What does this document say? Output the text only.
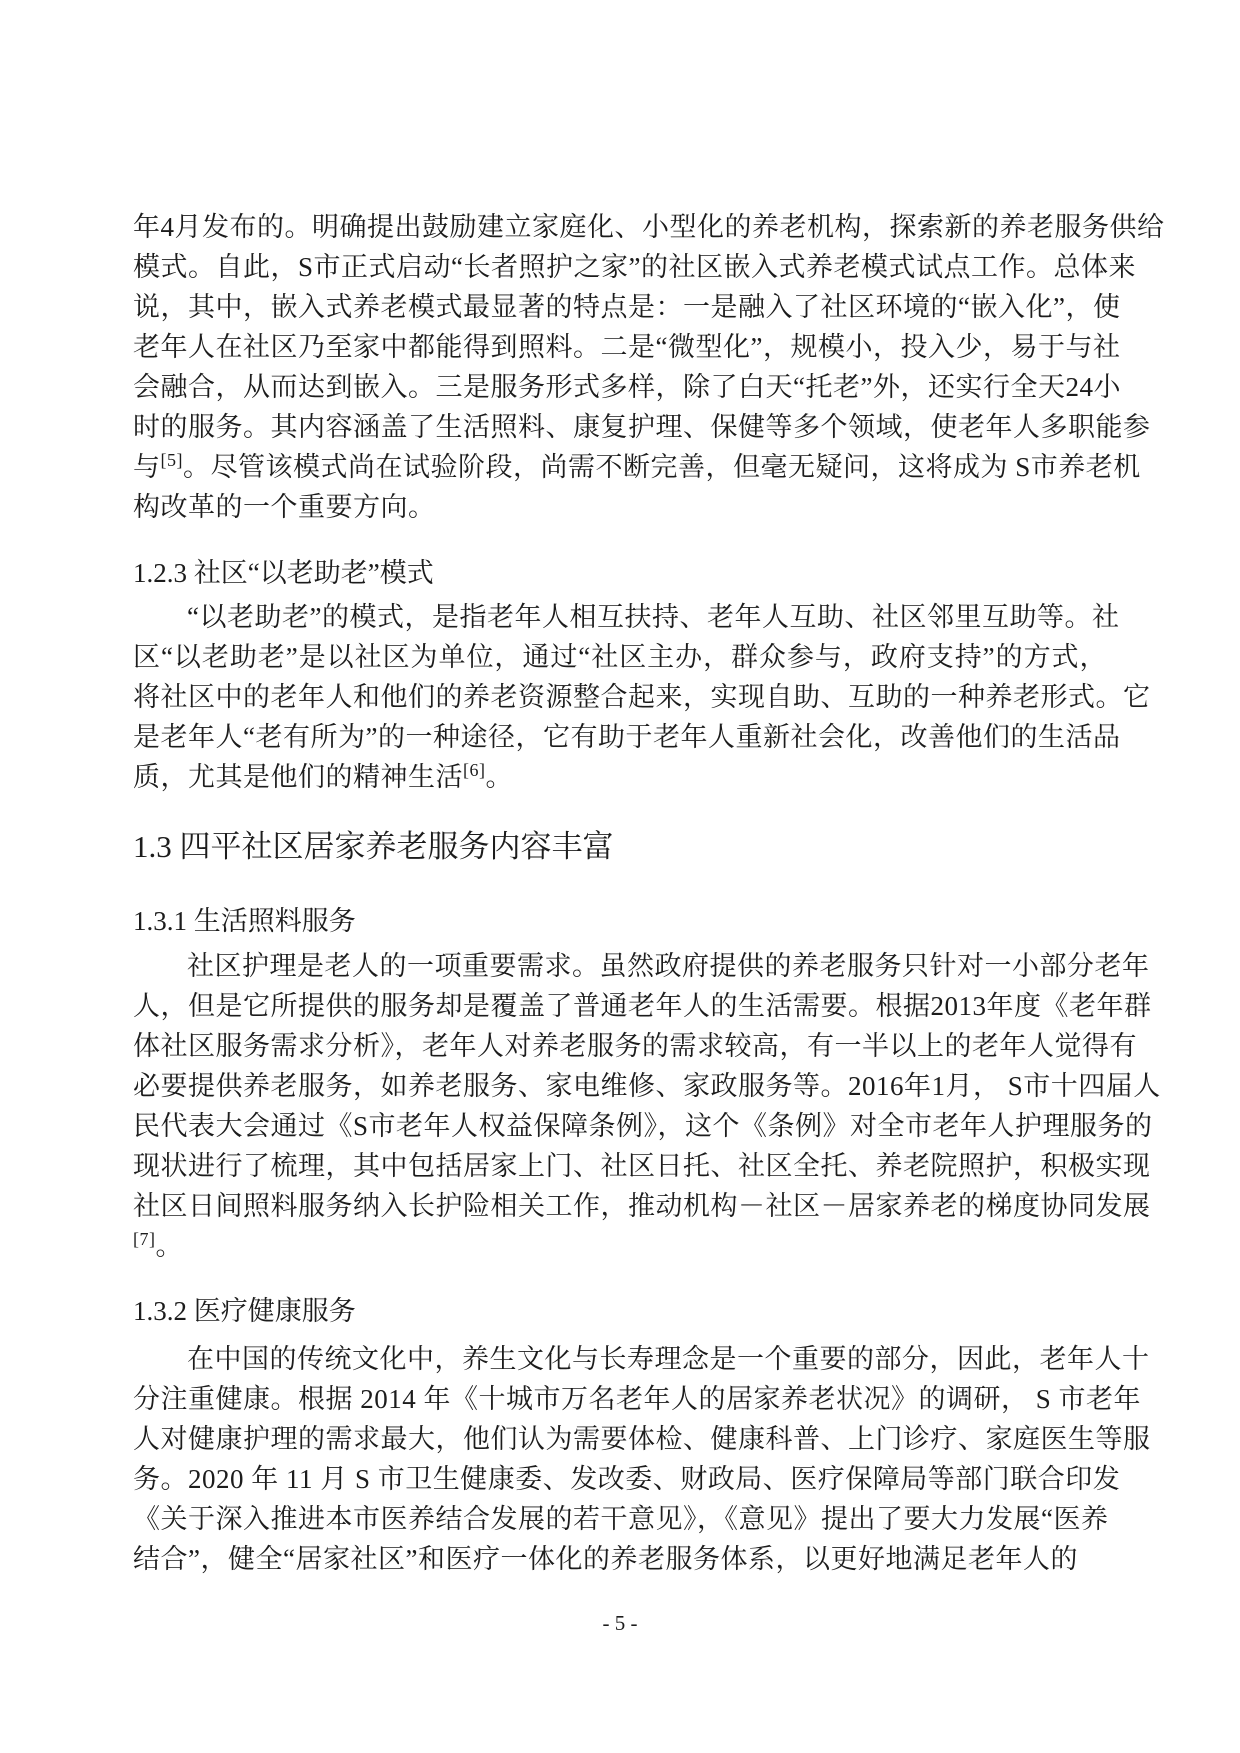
年4月发布的。明确提出鼓励建立家庭化、小型化的养老机构，探索新的养老服务供给
模式。自此，S市正式启动“长者照护之家”的社区嵌入式养老模式试点工作。总体来
说，其中，嵌入式养老模式最显著的特点是：一是融入了社区环境的“嵌入化”，使
老年人在社区乃至家中都能得到照料。二是“微型化”，规模小，投入少，易于与社
会融合，从而达到嵌入。三是服务形式多样，除了白天“托老”外，还实行全天24小
时的服务。其内容涵盖了生活照料、康复护理、保健等多个领域，使老年人多职能参
与[5]。尽管该模式尚在试验阶段，尚需不断完善，但毫无疑问，这将成为 S市养老机
构改革的一个重要方向。
1.2.3 社区“以老助老”模式
“以老助老”的模式，是指老年人相互扶持、老年人互助、社区邻里互助等。社
区“以老助老”是以社区为单位，通过“社区主办，群众参与，政府支持”的方式，
将社区中的老年人和他们的养老资源整合起来，实现自助、互助的一种养老形式。它
是老年人“老有所为”的一种途径，它有助于老年人重新社会化，改善他们的生活品
质，尤其是他们的精神生活[6]。
1.3 四平社区居家养老服务内容丰富
1.3.1 生活照料服务
社区护理是老人的一项重要需求。虽然政府提供的养老服务只针对一小部分老年
人，但是它所提供的服务却是覆盖了普通老年人的生活需要。根据2013年度《老年群
体社区服务需求分析》，老年人对养老服务的需求较高，有一半以上的老年人觉得有
必要提供养老服务，如养老服务、家电维修、家政服务等。2016年1月， S市十四届人
民代表大会通过《S市老年人权益保障条例》，这个《条例》对全市老年人护理服务的
现状进行了梳理，其中包括居家上门、社区日托、社区全托、养老院照护，积极实现
社区日间照料服务纳入长护险相关工作，推动机构－社区－居家养老的梯度协同发展
[7]。
1.3.2 医疗健康服务
在中国的传统文化中，养生文化与长寿理念是一个重要的部分，因此，老年人十
分注重健康。根据 2014 年《十城市万名老年人的居家养老状况》的调研， S 市老年
人对健康护理的需求最大，他们认为需要体检、健康科普、上门诊疗、家庭医生等服
务。2020 年 11 月 S 市卫生健康委、发改委、财政局、医疗保障局等部门联合印发
《关于深入推进本市医养结合发展的若干意见》，《意见》提出了要大力发展“医养
结合”，健全“居家社区”和医疗一体化的养老服务体系，以更好地满足老年人的
- 5 -
